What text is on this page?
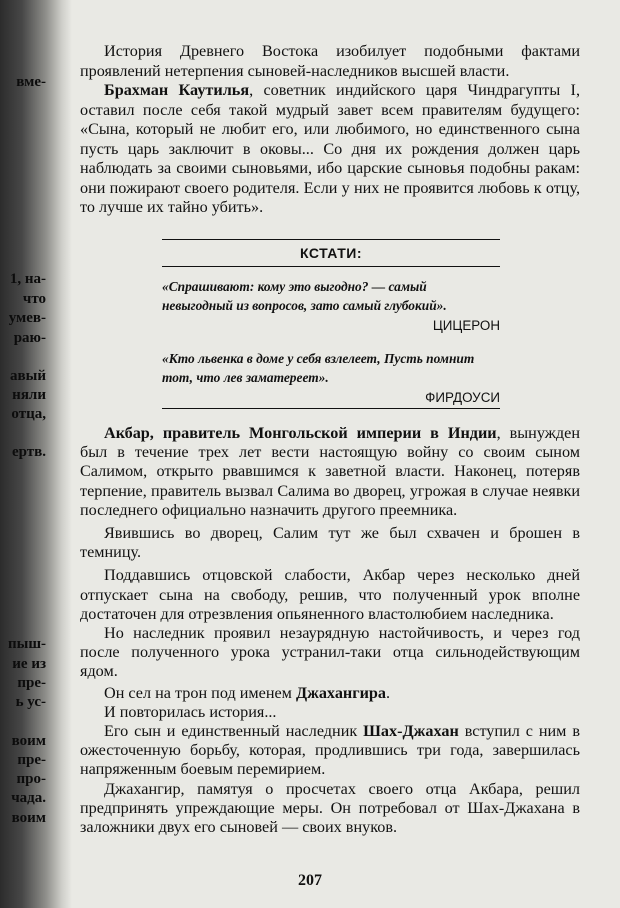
вме-
1, на-
что
умев-
раю-
авый
няли
отца,
ертв.
пыш-
ие из
пре-
ь ус-
воим
пре-
про-
чада.
воим

История Древнего Востока изобилует подобными фактами проявлений нетерпения сыновей-наследников высшей власти.

Брахман Каутилья, советник индийского царя Чиндрагупты I, оставил после себя такой мудрый завет всем правителям будущего: «Сына, который не любит его, или любимого, но единственного сына пусть царь заключит в оковы... Со дня их рождения должен царь наблюдать за своими сыновьями, ибо царские сыновья подобны ракам: они пожирают своего родителя. Если у них не проявится любовь к отцу, то лучше их тайно убить».

КСТАТИ:
«Спрашивают: кому это выгодно? — самый невыгодный из вопросов, зато самый глубокий».
ЦИЦЕРОН
«Кто львенка в доме у себя взлелеет, Пусть помнит тот, что лев заматереет».
ФИРДОУСИ

Акбар, правитель Монгольской империи в Индии, вынужден был в течение трех лет вести настоящую войну со своим сыном Салимом, открыто рвавшимся к заветной власти. Наконец, потеряв терпение, правитель вызвал Салима во дворец, угрожая в случае неявки последнего официально назначить другого преемника.

Явившись во дворец, Салим тут же был схвачен и брошен в темницу.

Поддавшись отцовской слабости, Акбар через несколько дней отпускает сына на свободу, решив, что полученный урок вполне достаточен для отрезвления опьяненного властолюбием наследника.

Но наследник проявил незаурядную настойчивость, и через год после полученного урока устранил-таки отца сильнодействующим ядом.

Он сел на трон под именем Джахангира.

И повторилась история...

Его сын и единственный наследник Шах-Джахан вступил с ним в ожесточенную борьбу, которая, продлившись три года, завершилась напряженным боевым перемирием.

Джахангир, памятуя о просчетах своего отца Акбара, решил предпринять упреждающие меры. Он потребовал от Шах-Джахана в заложники двух его сыновей — своих внуков.

207
